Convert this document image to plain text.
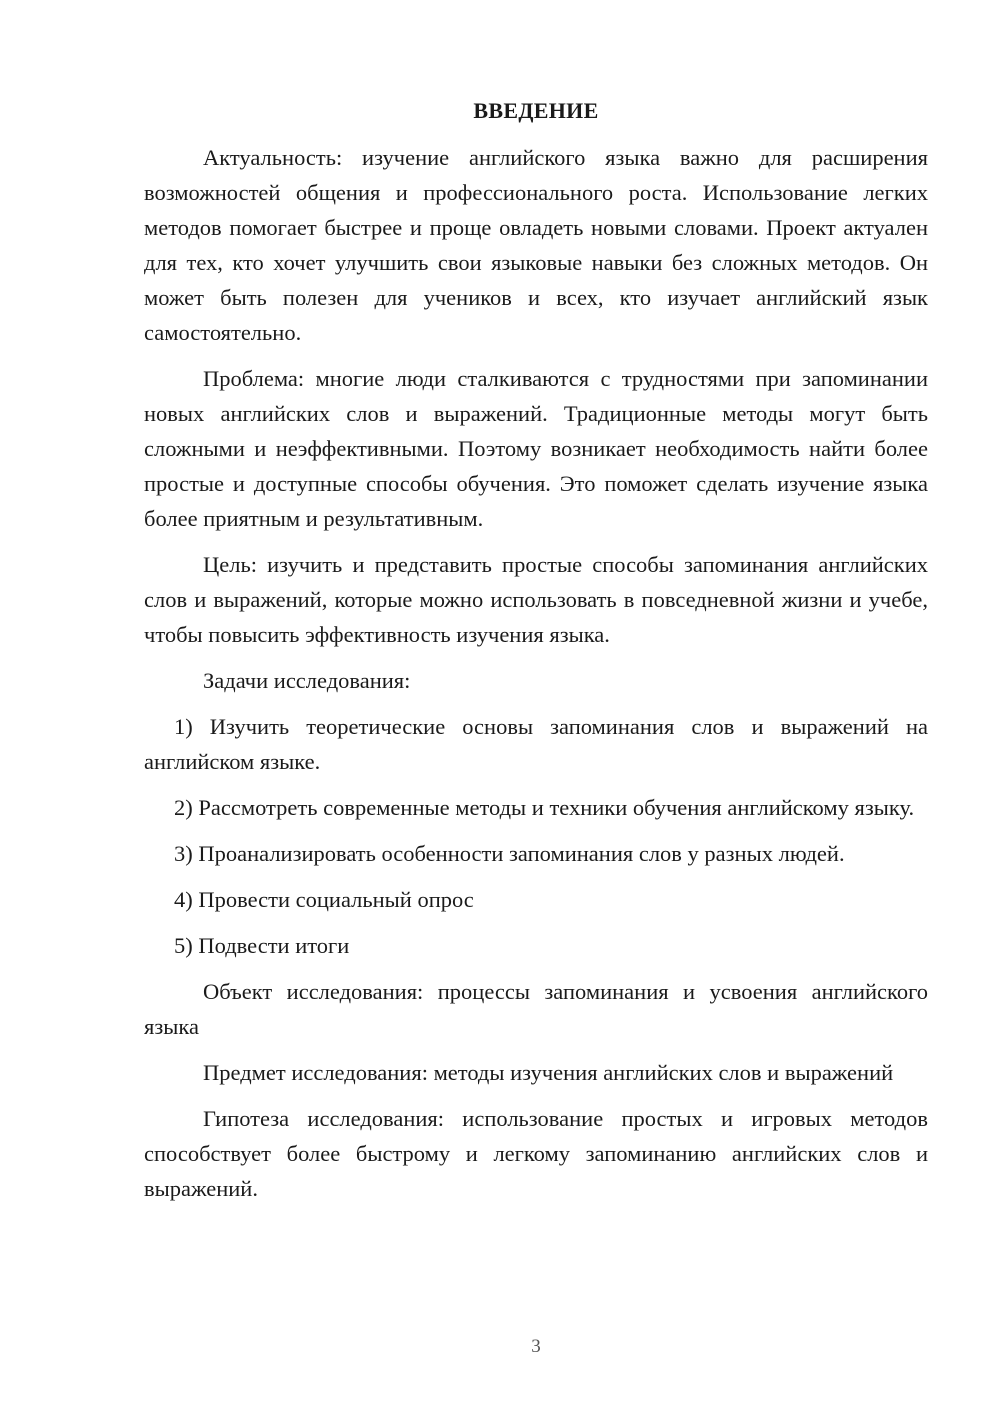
ВВЕДЕНИЕ

Актуальность: изучение английского языка важно для расширения возможностей общения и профессионального роста. Использование легких методов помогает быстрее и проще овладеть новыми словами. Проект актуален для тех, кто хочет улучшить свои языковые навыки без сложных методов. Он может быть полезен для учеников и всех, кто изучает английский язык самостоятельно.

Проблема: многие люди сталкиваются с трудностями при запоминании новых английских слов и выражений. Традиционные методы могут быть сложными и неэффективными. Поэтому возникает необходимость найти более простые и доступные способы обучения. Это поможет сделать изучение языка более приятным и результативным.

Цель: изучить и представить простые способы запоминания английских слов и выражений, которые можно использовать в повседневной жизни и учебе, чтобы повысить эффективность изучения языка.

Задачи исследования:

1) Изучить теоретические основы запоминания слов и выражений на английском языке.

2) Рассмотреть современные методы и техники обучения английскому языку.

3) Проанализировать особенности запоминания слов у разных людей.

4) Провести социальный опрос

5) Подвести итоги

Объект исследования: процессы запоминания и усвоения английского языка

Предмет исследования: методы изучения английских слов и выражений

Гипотеза исследования: использование простых и игровых методов способствует более быстрому и легкому запоминанию английских слов и выражений.

3
